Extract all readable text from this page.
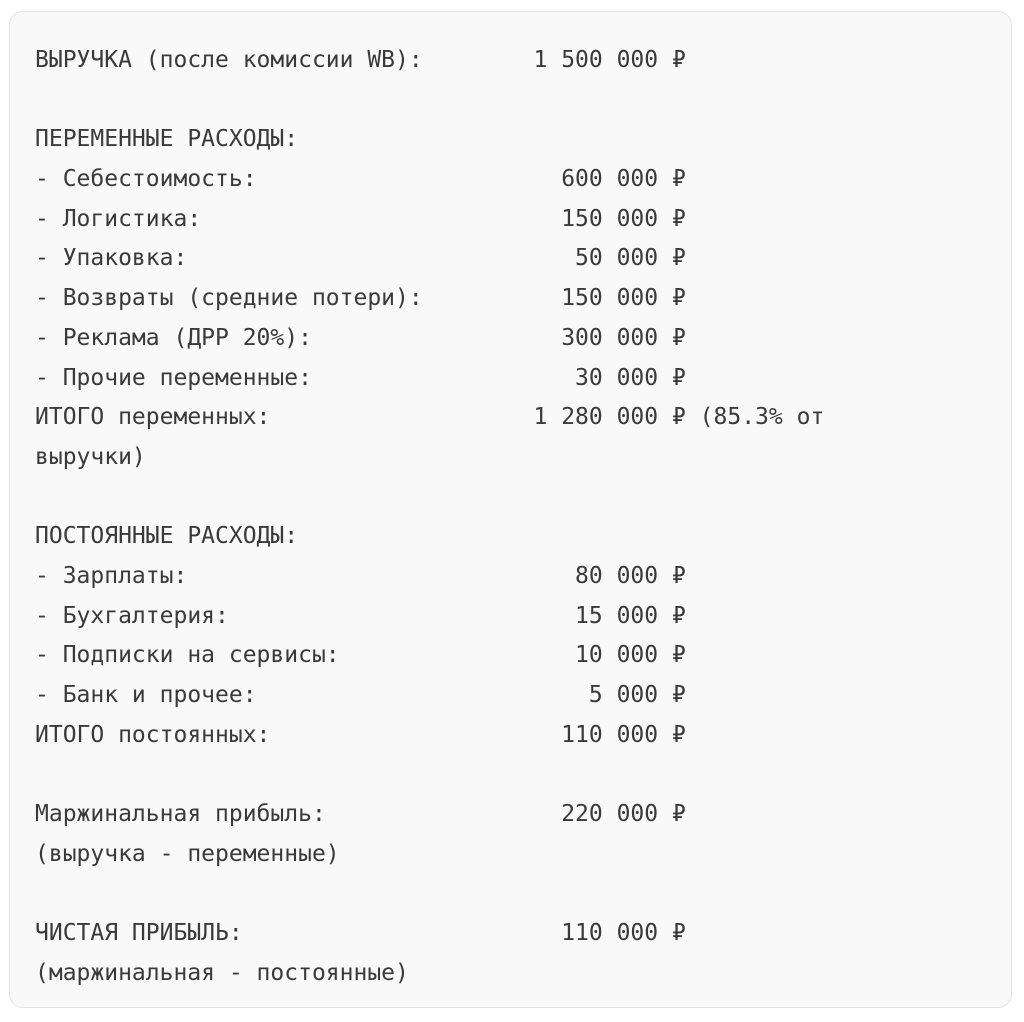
ВЫРУЧКА (после комиссии WB):        1 500 000 ₽
ПЕРЕМЕННЫЕ РАСХОДЫ:
- Себестоимость:                      600 000 ₽
- Логистика:                          150 000 ₽
- Упаковка:                            50 000 ₽
- Возвраты (средние потери):          150 000 ₽
- Реклама (ДРР 20%):                  300 000 ₽
- Прочие переменные:                   30 000 ₽
ИТОГО переменных:                   1 280 000 ₽ (85.3% от
выручки)
ПОСТОЯННЫЕ РАСХОДЫ:
- Зарплаты:                            80 000 ₽
- Бухгалтерия:                         15 000 ₽
- Подписки на сервисы:                 10 000 ₽
- Банк и прочее:                        5 000 ₽
ИТОГО постоянных:                     110 000 ₽
Маржинальная прибыль:                 220 000 ₽
(выручка - переменные)
ЧИСТАЯ ПРИБЫЛЬ:                       110 000 ₽
(маржинальная - постоянные)
